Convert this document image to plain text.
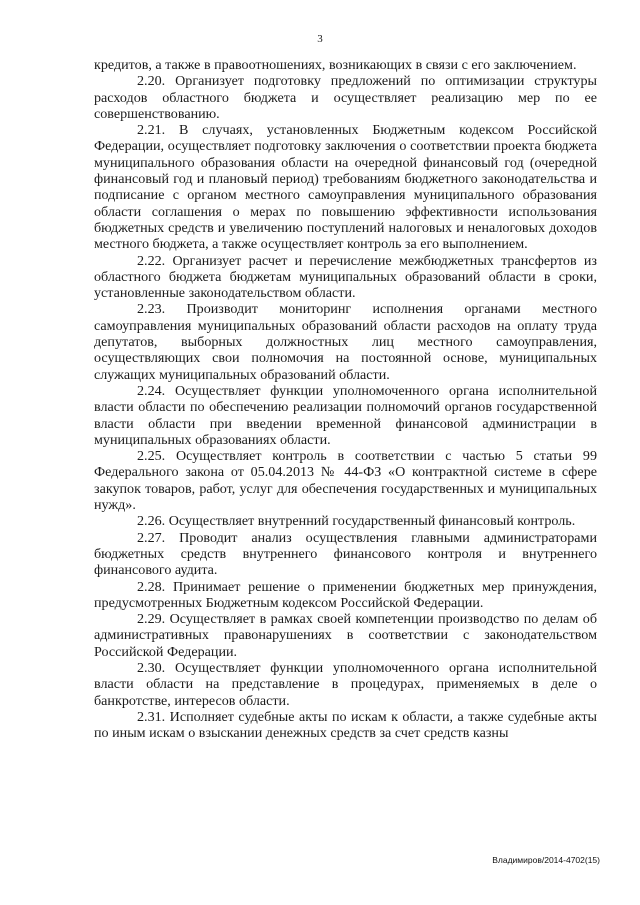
3

кредитов, а также в правоотношениях, возникающих в связи с его заключением.

2.20. Организует подготовку предложений по оптимизации структуры расходов областного бюджета и осуществляет реализацию мер по ее совершенствованию.

2.21. В случаях, установленных Бюджетным кодексом Российской Федерации, осуществляет подготовку заключения о соответствии проекта бюджета муниципального образования области на очередной финансовый год (очередной финансовый год и плановый период) требованиям бюджетного законодательства и подписание с органом местного самоуправления муниципального образования области соглашения о мерах по повышению эффективности использования бюджетных средств и увеличению поступлений налоговых и неналоговых доходов местного бюджета, а также осуществляет контроль за его выполнением.

2.22. Организует расчет и перечисление межбюджетных трансфертов из областного бюджета бюджетам муниципальных образований области в сроки, установленные законодательством области.

2.23. Производит мониторинг исполнения органами местного самоуправления муниципальных образований области расходов на оплату труда депутатов, выборных должностных лиц местного самоуправления, осуществляющих свои полномочия на постоянной основе, муниципальных служащих муниципальных образований области.

2.24. Осуществляет функции уполномоченного органа исполнительной власти области по обеспечению реализации полномочий органов государственной власти области при введении временной финансовой администрации в муниципальных образованиях области.

2.25. Осуществляет контроль в соответствии с частью 5 статьи 99 Федерального закона от 05.04.2013 № 44-ФЗ «О контрактной системе в сфере закупок товаров, работ, услуг для обеспечения государственных и муниципальных нужд».

2.26. Осуществляет внутренний государственный финансовый контроль.

2.27. Проводит анализ осуществления главными администраторами бюджетных средств внутреннего финансового контроля и внутреннего финансового аудита.

2.28. Принимает решение о применении бюджетных мер принуждения, предусмотренных Бюджетным кодексом Российской Федерации.

2.29. Осуществляет в рамках своей компетенции производство по делам об административных правонарушениях в соответствии с законодательством Российской Федерации.

2.30. Осуществляет функции уполномоченного органа исполнительной власти области на представление в процедурах, применяемых в деле о банкротстве, интересов области.

2.31. Исполняет судебные акты по искам к области, а также судебные акты по иным искам о взыскании денежных средств за счет средств казны

Владимиров/2014-4702(15)
